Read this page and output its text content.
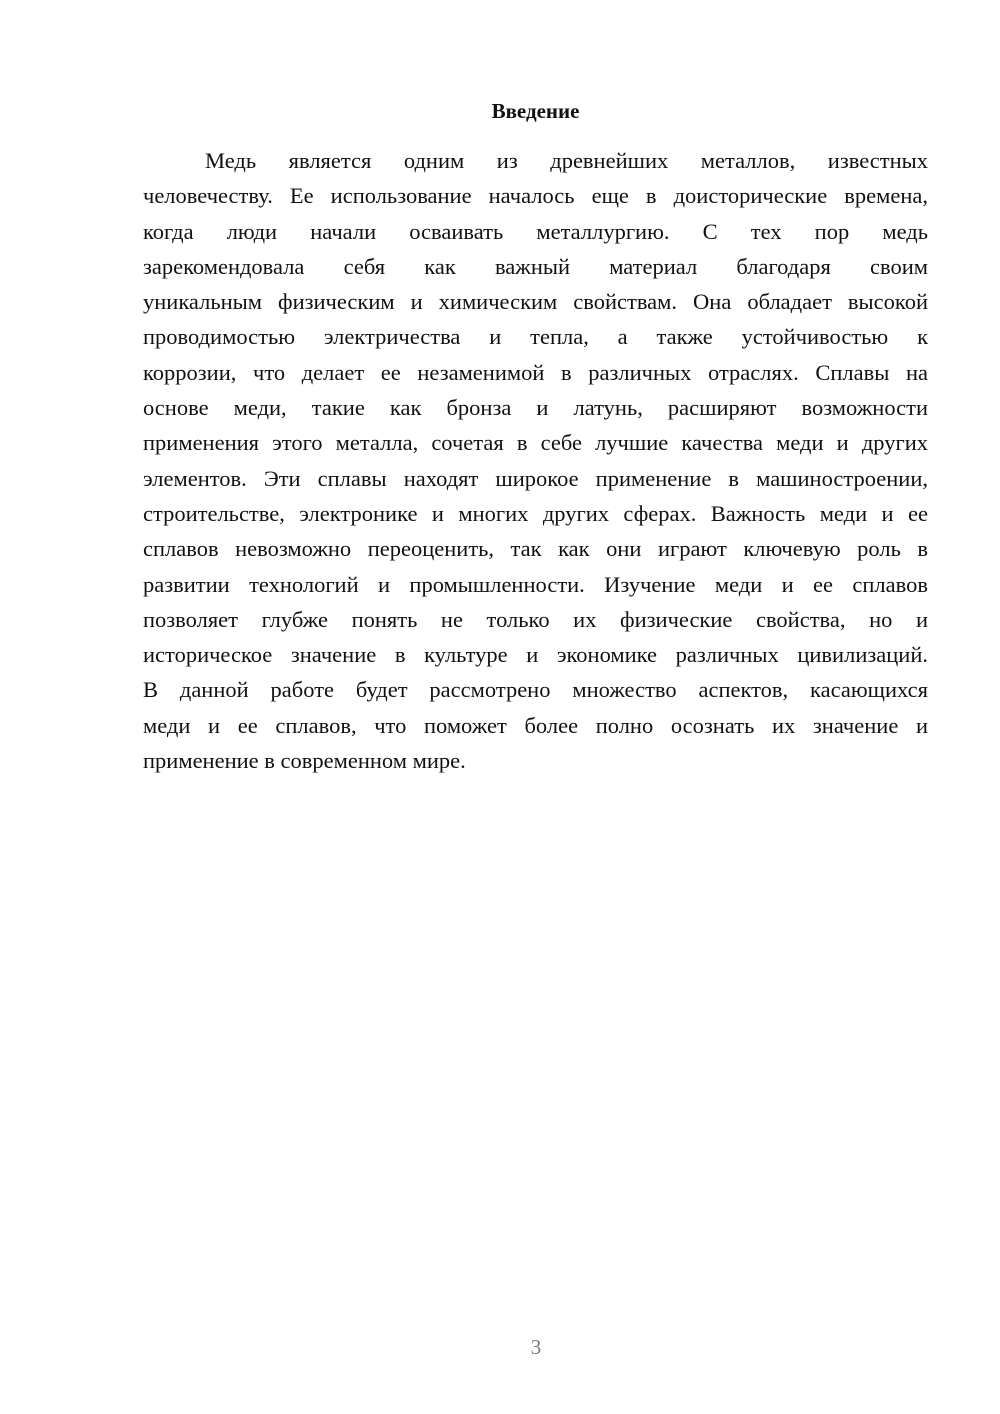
Введение
Медь является одним из древнейших металлов, известных
человечеству. Ее использование началось еще в доисторические времена,
когда люди начали осваивать металлургию. С тех пор медь
зарекомендовала себя как важный материал благодаря своим
уникальным физическим и химическим свойствам. Она обладает высокой
проводимостью электричества и тепла, а также устойчивостью к
коррозии, что делает ее незаменимой в различных отраслях. Сплавы на
основе меди, такие как бронза и латунь, расширяют возможности
применения этого металла, сочетая в себе лучшие качества меди и других
элементов. Эти сплавы находят широкое применение в машиностроении,
строительстве, электронике и многих других сферах. Важность меди и ее
сплавов невозможно переоценить, так как они играют ключевую роль в
развитии технологий и промышленности. Изучение меди и ее сплавов
позволяет глубже понять не только их физические свойства, но и
историческое значение в культуре и экономике различных цивилизаций.
В данной работе будет рассмотрено множество аспектов, касающихся
меди и ее сплавов, что поможет более полно осознать их значение и
применение в современном мире.
3
